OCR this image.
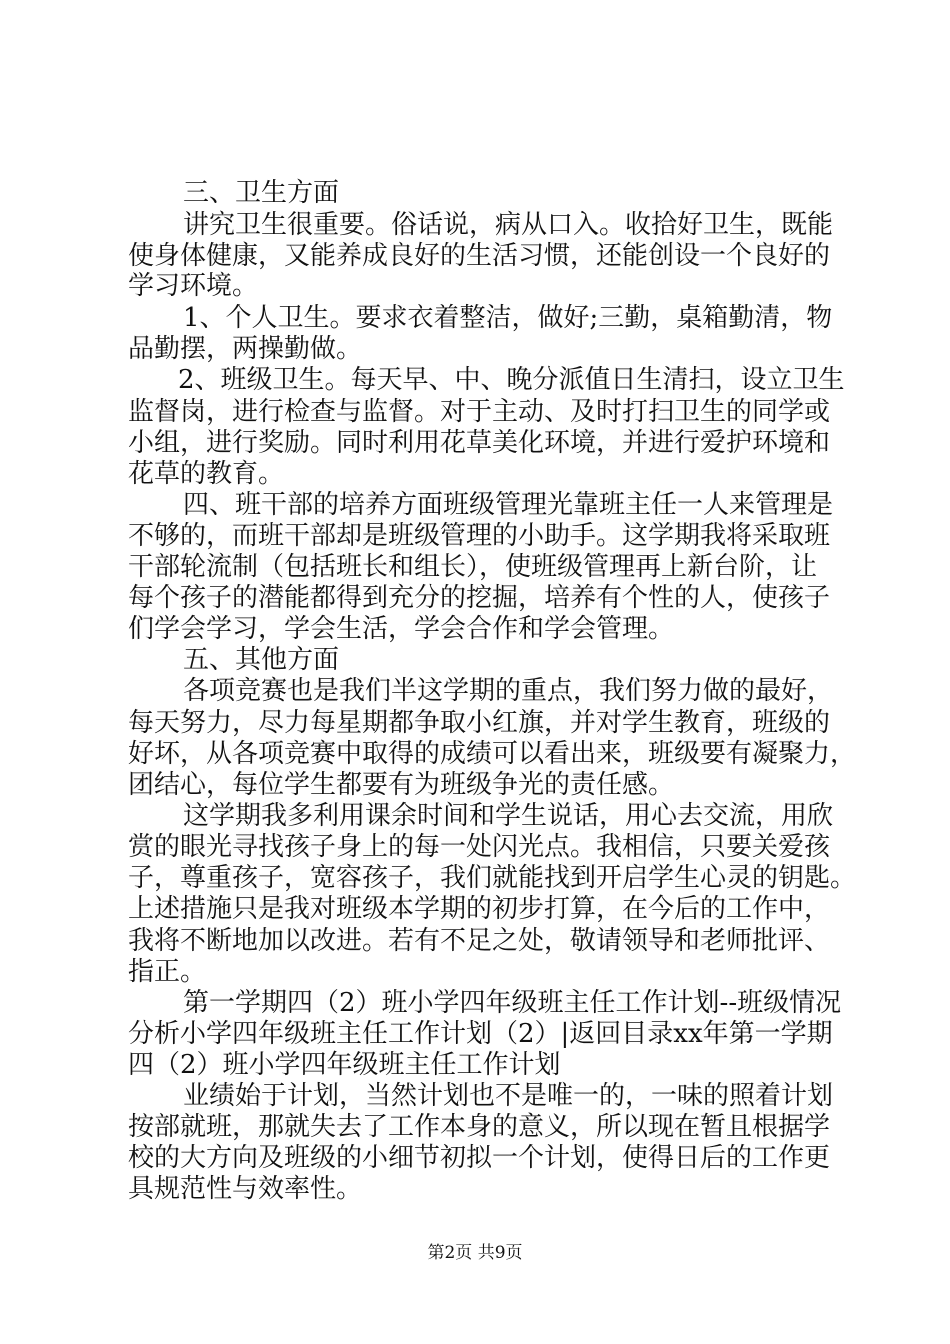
三、卫生方面
讲究卫生很重要。俗话说，病从口入。收拾好卫生，既能
使身体健康，又能养成良好的生活习惯，还能创设一个良好的
学习环境。
1、个人卫生。要求衣着整洁，做好;三勤，桌箱勤清，物
品勤摆，两操勤做。
2、班级卫生。每天早、中、晚分派值日生清扫，设立卫生
监督岗，进行检查与监督。对于主动、及时打扫卫生的同学或
小组，进行奖励。同时利用花草美化环境，并进行爱护环境和
花草的教育。
四、班干部的培养方面班级管理光靠班主任一人来管理是
不够的，而班干部却是班级管理的小助手。这学期我将采取班
干部轮流制（包括班长和组长），使班级管理再上新台阶，让
每个孩子的潜能都得到充分的挖掘，培养有个性的人，使孩子
们学会学习，学会生活，学会合作和学会管理。
五、其他方面
各项竞赛也是我们半这学期的重点，我们努力做的最好，
每天努力，尽力每星期都争取小红旗，并对学生教育，班级的
好坏，从各项竞赛中取得的成绩可以看出来，班级要有凝聚力，
团结心，每位学生都要有为班级争光的责任感。
这学期我多利用课余时间和学生说话，用心去交流，用欣
赏的眼光寻找孩子身上的每一处闪光点。我相信，只要关爱孩
子，尊重孩子，宽容孩子，我们就能找到开启学生心灵的钥匙。
上述措施只是我对班级本学期的初步打算，在今后的工作中，
我将不断地加以改进。若有不足之处，敬请领导和老师批评、
指正。
第一学期四（2）班小学四年级班主任工作计划--班级情况
分析小学四年级班主任工作计划（2）|返回目录xx年第一学期
四（2）班小学四年级班主任工作计划
业绩始于计划，当然计划也不是唯一的，一味的照着计划
按部就班，那就失去了工作本身的意义，所以现在暂且根据学
校的大方向及班级的小细节初拟一个计划，使得日后的工作更
具规范性与效率性。
第2页 共9页
